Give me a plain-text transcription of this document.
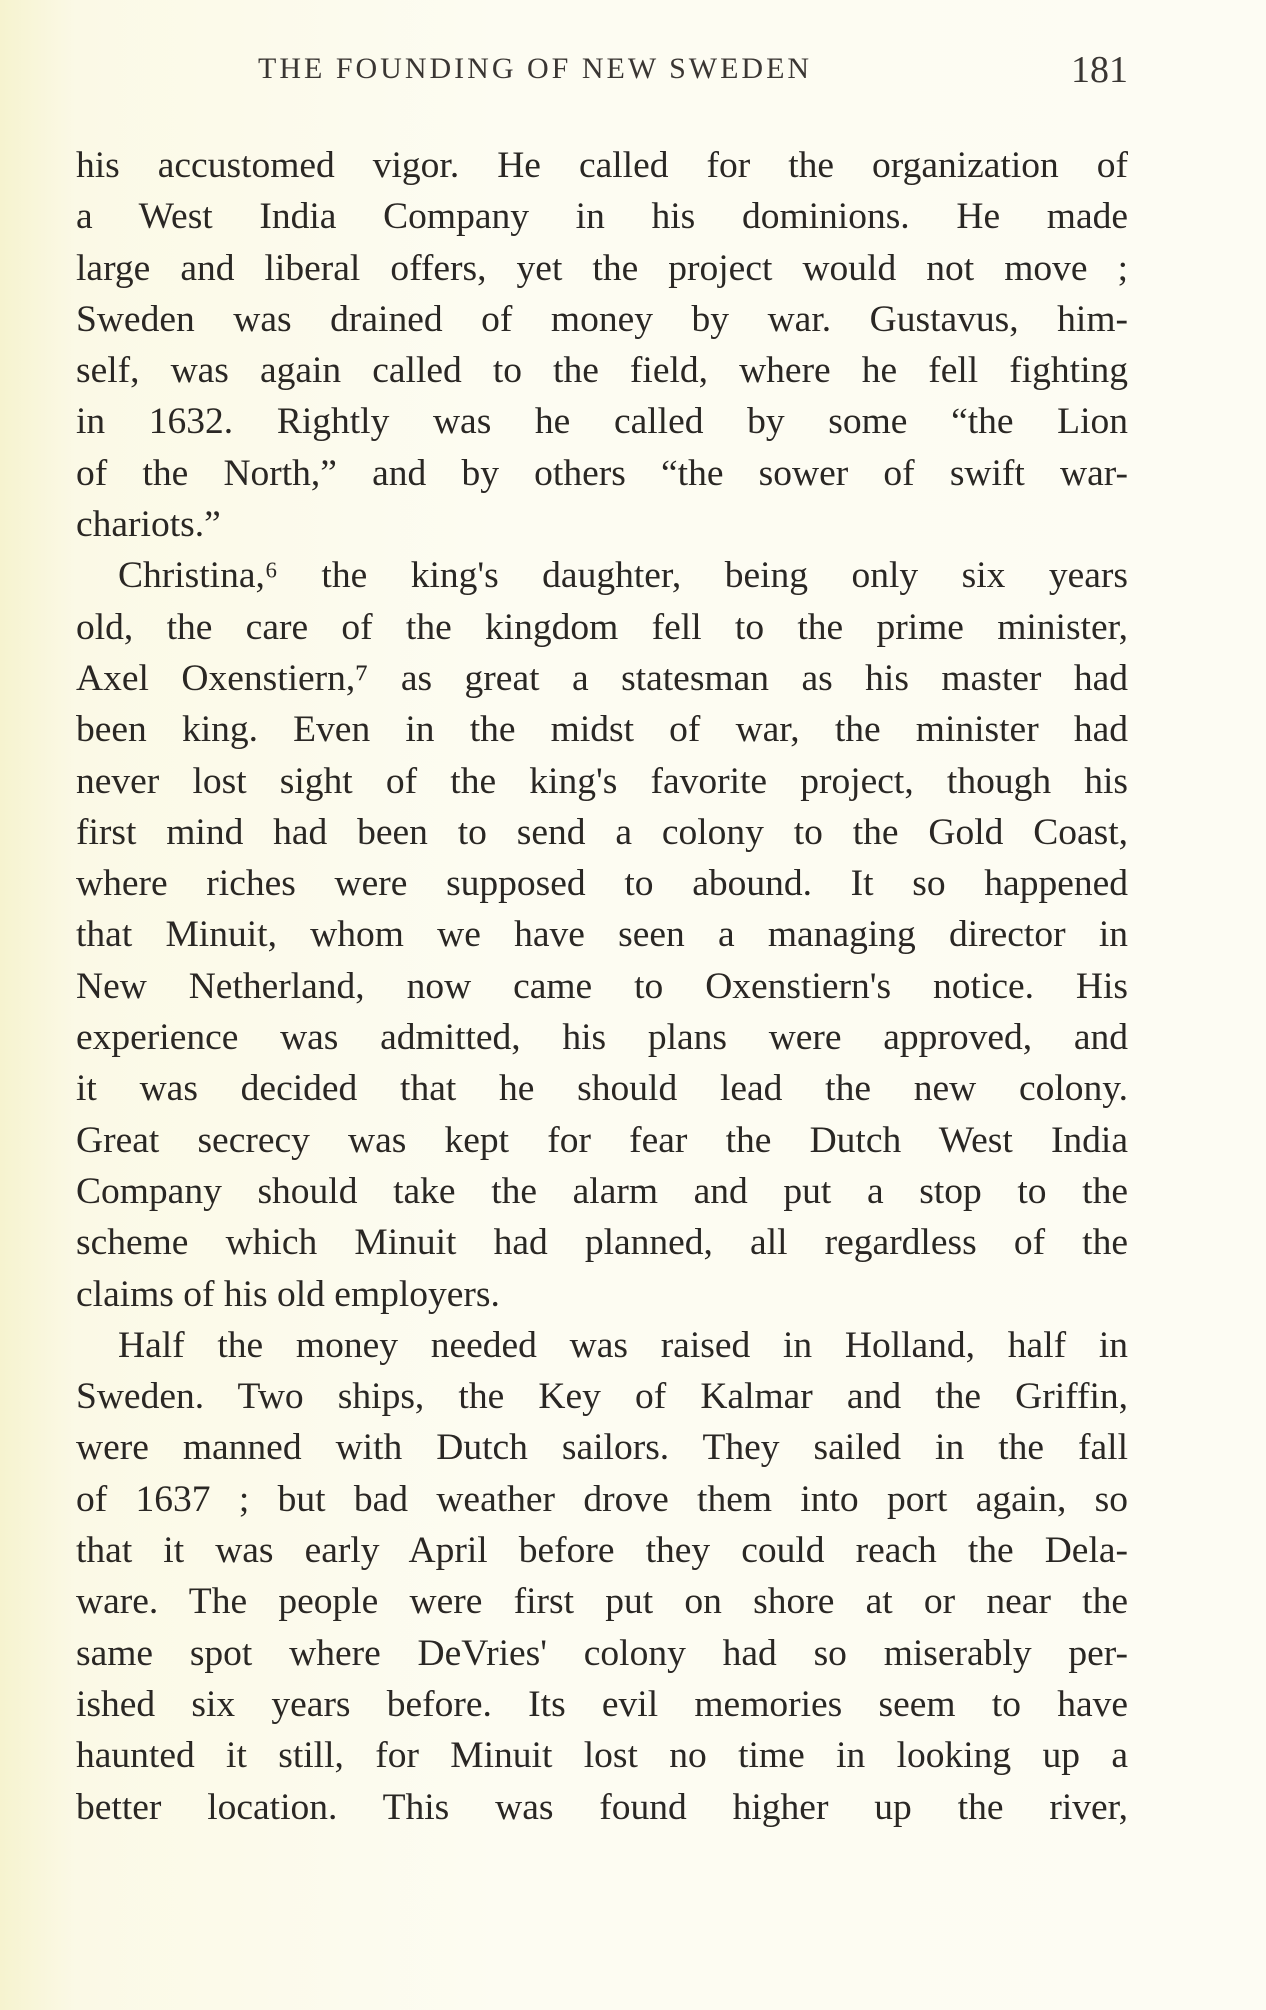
THE FOUNDING OF NEW SWEDEN	181
his accustomed vigor. He called for the organization of
a West India Company in his dominions. He made
large and liberal offers, yet the project would not move ;
Sweden was drained of money by war. Gustavus, him-
self, was again called to the field, where he fell fighting
in 1632. Rightly was he called by some “the Lion
of the North,” and by others “the sower of swift war-
chariots.”
Christina,⁶ the king's daughter, being only six years
old, the care of the kingdom fell to the prime minister,
Axel Oxenstiern,⁷ as great a statesman as his master had
been king. Even in the midst of war, the minister had
never lost sight of the king's favorite project, though his
first mind had been to send a colony to the Gold Coast,
where riches were supposed to abound. It so happened
that Minuit, whom we have seen a managing director in
New Netherland, now came to Oxenstiern's notice. His
experience was admitted, his plans were approved, and
it was decided that he should lead the new colony.
Great secrecy was kept for fear the Dutch West India
Company should take the alarm and put a stop to the
scheme which Minuit had planned, all regardless of the
claims of his old employers.
Half the money needed was raised in Holland, half in
Sweden. Two ships, the Key of Kalmar and the Griffin,
were manned with Dutch sailors. They sailed in the fall
of 1637 ; but bad weather drove them into port again, so
that it was early April before they could reach the Dela-
ware. The people were first put on shore at or near the
same spot where DeVries' colony had so miserably per-
ished six years before. Its evil memories seem to have
haunted it still, for Minuit lost no time in looking up a
better location. This was found higher up the river,
